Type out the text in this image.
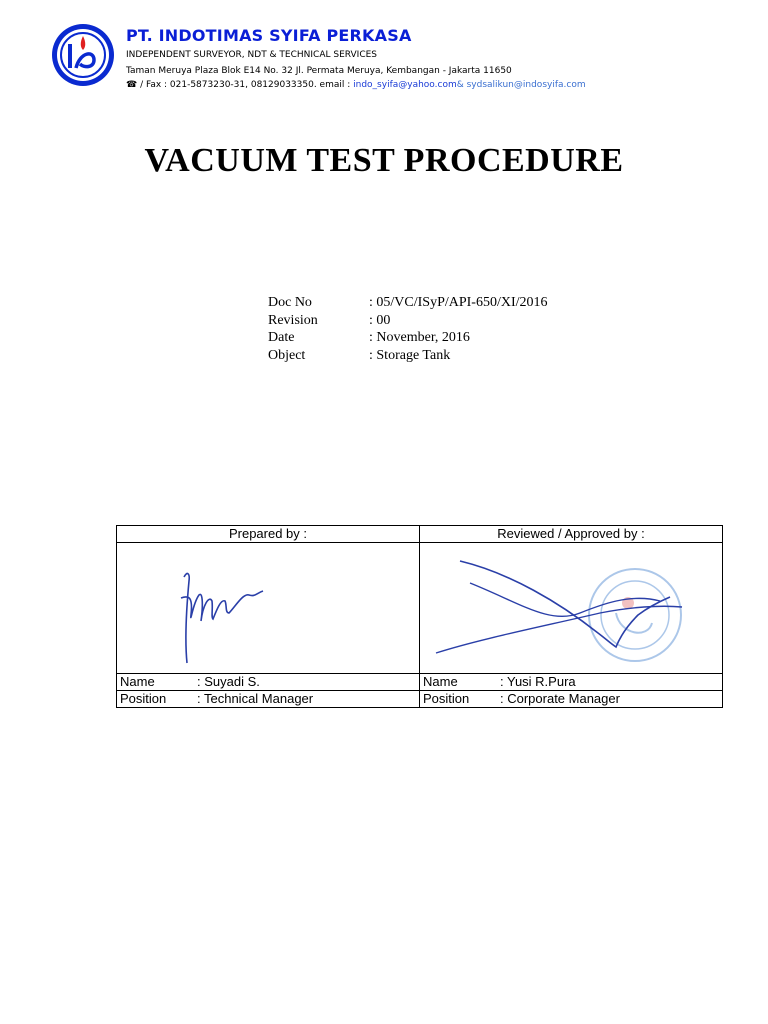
PT. INDOTIMAS SYIFA PERKASA
INDEPENDENT SURVEYOR, NDT & TECHNICAL SERVICES
Taman Meruya Plaza Blok E14 No. 32 Jl. Permata Meruya, Kembangan - Jakarta 11650
☎ / Fax : 021-5873230-31, 08129033350. email : indo_syifa@yahoo.com& sydsalikun@indosyifa.com
VACUUM TEST PROCEDURE
Doc No	: 05/VC/ISyP/API-650/XI/2016
Revision	: 00
Date	: November, 2016
Object	: Storage Tank
Prepared by :	Reviewed / Approved by :

Name : Suyadi S.	Name : Yusi R.Pura
Position : Technical Manager	Position : Corporate Manager
